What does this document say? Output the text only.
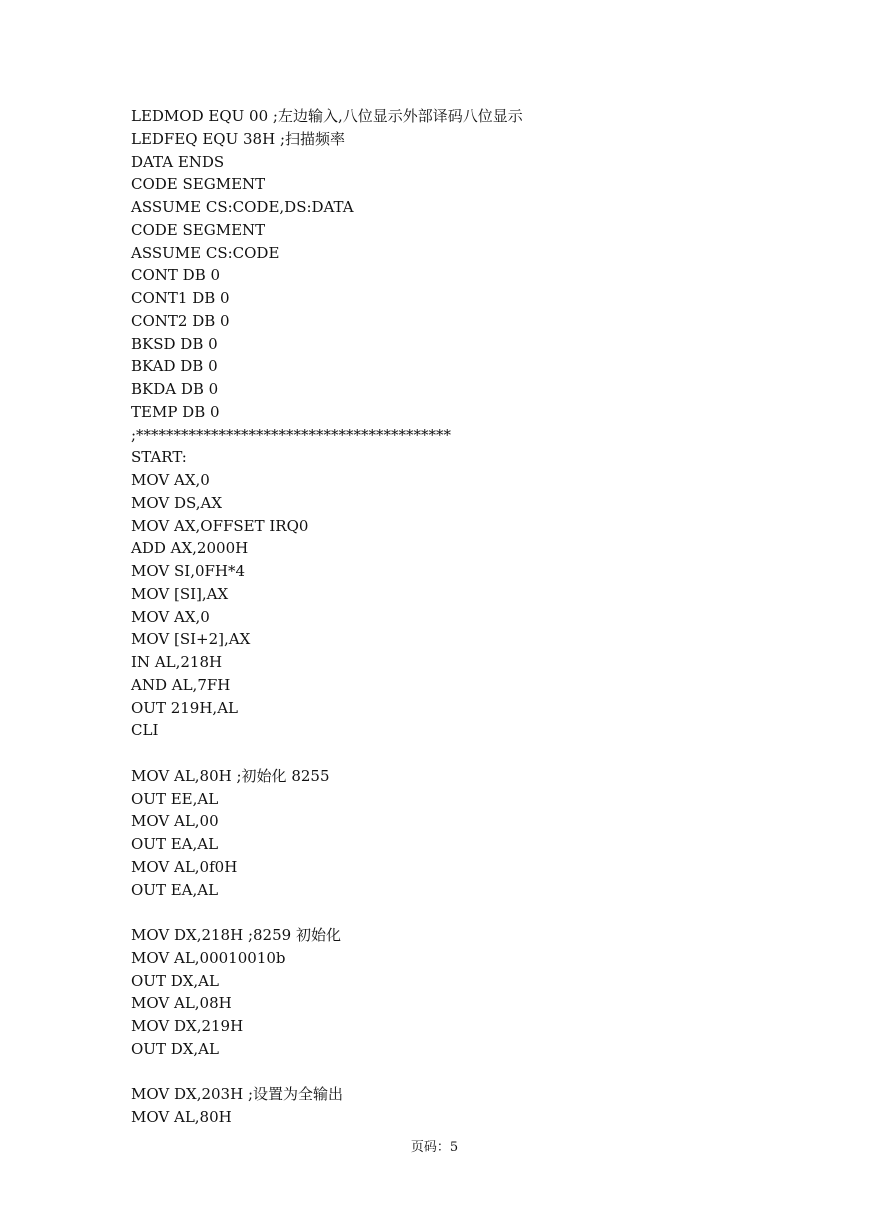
LEDMOD EQU 00 ;左边输入,八位显示外部译码八位显示
LEDFEQ EQU 38H ;扫描频率
DATA ENDS
CODE SEGMENT
ASSUME CS:CODE,DS:DATA
CODE SEGMENT
ASSUME CS:CODE
CONT DB 0
CONT1 DB 0
CONT2 DB 0
BKSD DB 0
BKAD DB 0
BKDA DB 0
TEMP DB 0
;******************************************
START:
MOV AX,0
MOV DS,AX
MOV AX,OFFSET IRQ0
ADD AX,2000H
MOV SI,0FH*4
MOV [SI],AX
MOV AX,0
MOV [SI+2],AX
IN AL,218H
AND AL,7FH
OUT 219H,AL
CLI
MOV AL,80H ;初始化 8255
OUT EE,AL
MOV AL,00
OUT EA,AL
MOV AL,0f0H
OUT EA,AL
MOV DX,218H ;8259 初始化
MOV AL,00010010b
OUT DX,AL
MOV AL,08H
MOV DX,219H
OUT DX,AL
MOV DX,203H ;设置为全输出
MOV AL,80H
页码：5
